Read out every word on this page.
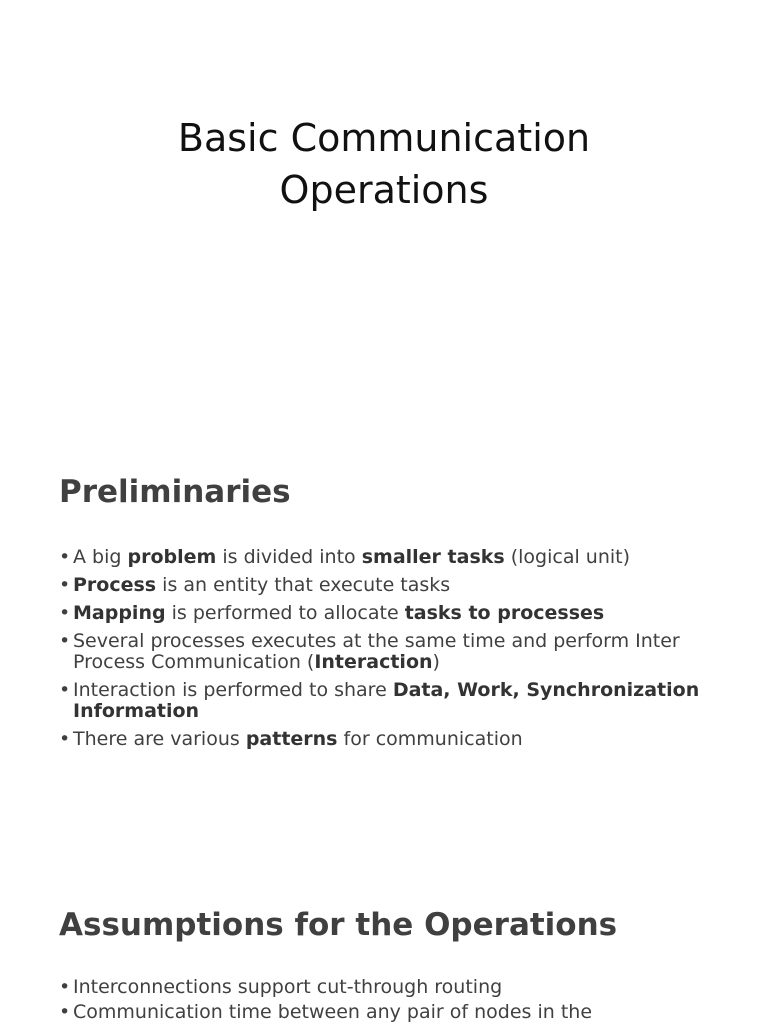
Basic Communication
Operations
Preliminaries
• A big problem is divided into smaller tasks (logical unit)
• Process is an entity that execute tasks
• Mapping is performed to allocate tasks to processes
• Several processes executes at the same time and perform Inter Process Communication (Interaction)
• Interaction is performed to share Data, Work, Synchronization Information
• There are various patterns for communication
Assumptions for the Operations
• Interconnections support cut-through routing
• Communication time between any pair of nodes in the
